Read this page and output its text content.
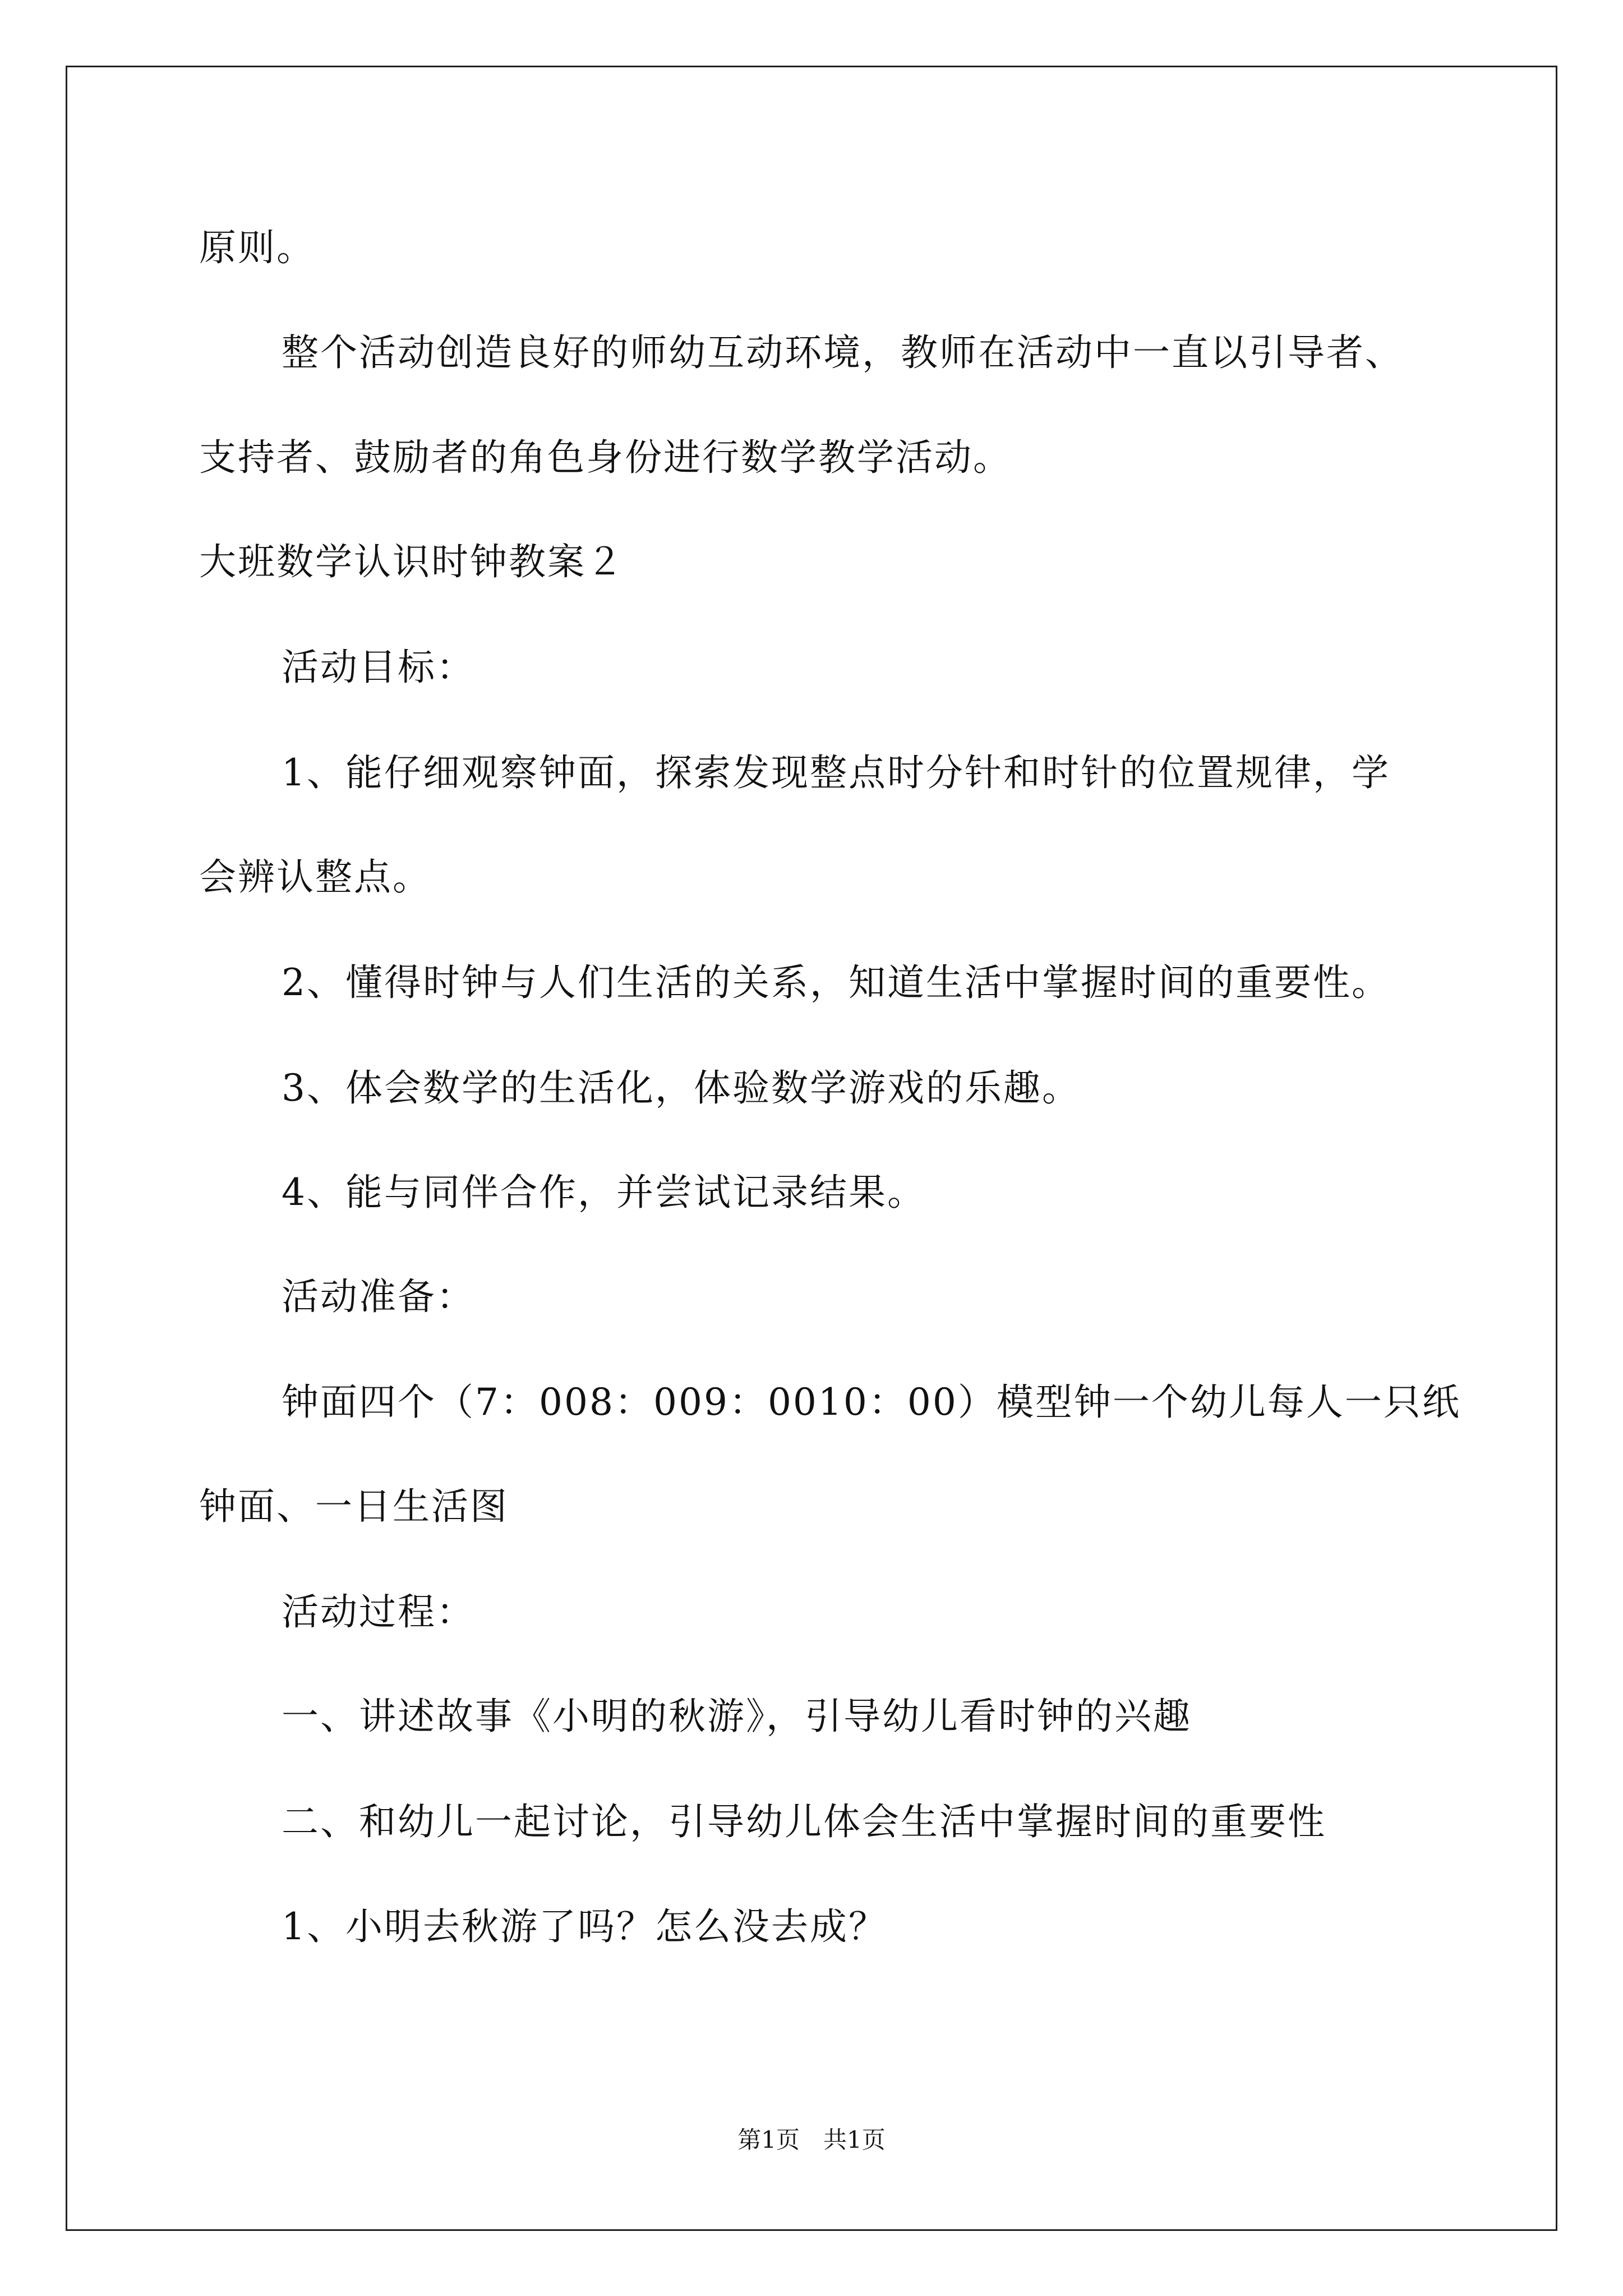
原则。
整个活动创造良好的师幼互动环境，教师在活动中一直以引导者、
支持者、鼓励者的角色身份进行数学教学活动。
大班数学认识时钟教案２
活动目标：
1、能仔细观察钟面，探索发现整点时分针和时针的位置规律，学
会辨认整点。
2、懂得时钟与人们生活的关系，知道生活中掌握时间的重要性。
3、体会数学的生活化，体验数学游戏的乐趣。
4、能与同伴合作，并尝试记录结果。
活动准备：
钟面四个（7：008：009：0010：00）模型钟一个幼儿每人一只纸
钟面、一日生活图
活动过程：
一、讲述故事《小明的秋游》，引导幼儿看时钟的兴趣
二、和幼儿一起讨论，引导幼儿体会生活中掌握时间的重要性
1、小明去秋游了吗？怎么没去成？
第1页　共1页
